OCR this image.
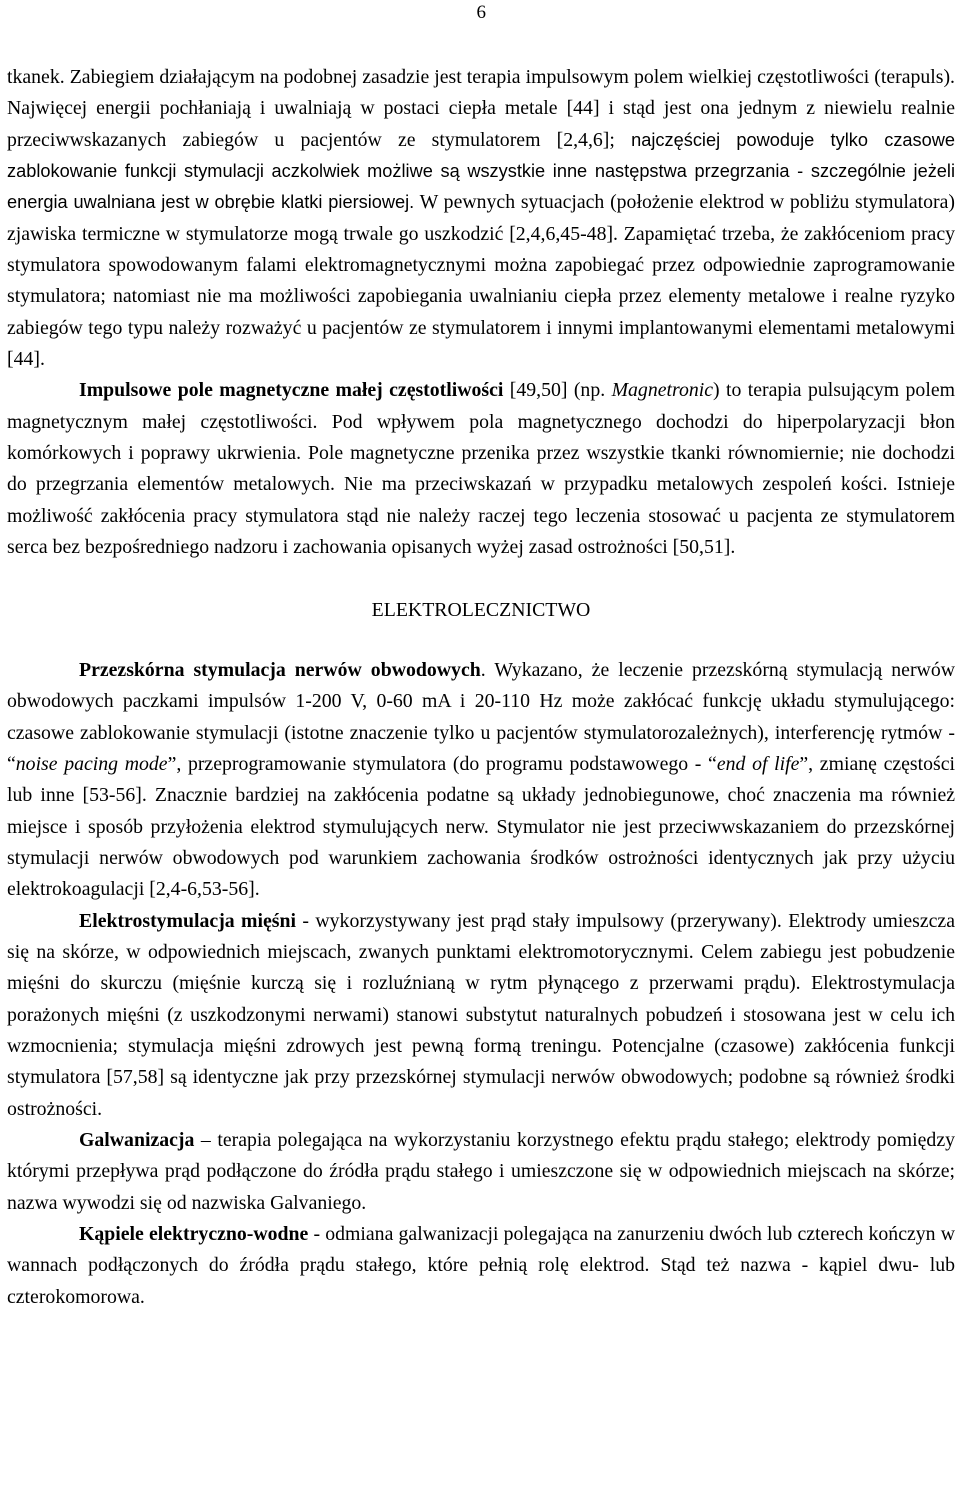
6

tkanek. Zabiegiem działającym na podobnej zasadzie jest terapia impulsowym polem wielkiej częstotliwości (terapuls). Najwięcej energii pochłaniają i uwalniają w postaci ciepła metale [44] i stąd jest ona jednym z niewielu realnie przeciwwskazanych zabiegów u pacjentów ze stymulatorem [2,4,6]; najczęściej powoduje tylko czasowe zablokowanie funkcji stymulacji aczkolwiek możliwe są wszystkie inne następstwa przegrzania - szczególnie jeżeli energia uwalniana jest w obrębie klatki piersiowej. W pewnych sytuacjach (położenie elektrod w pobliżu stymulatora) zjawiska termiczne w stymulatorze mogą trwale go uszkodzić [2,4,6,45-48]. Zapamiętać trzeba, że zakłóceniom pracy stymulatora spowodowanym falami elektromagnetycznymi można zapobiegać przez odpowiednie zaprogramowanie stymulatora; natomiast nie ma możliwości zapobiegania uwalnianiu ciepła przez elementy metalowe i realne ryzyko zabiegów tego typu należy rozważyć u pacjentów ze stymulatorem i innymi implantowanymi elementami metalowymi [44].

Impulsowe pole magnetyczne małej częstotliwości [49,50] (np. Magnetronic) to terapia pulsującym polem magnetycznym małej częstotliwości. Pod wpływem pola magnetycznego dochodzi do hiperpolaryzacji błon komórkowych i poprawy ukrwienia. Pole magnetyczne przenika przez wszystkie tkanki równomiernie; nie dochodzi do przegrzania elementów metalowych. Nie ma przeciwskazań w przypadku metalowych zespoleń kości. Istnieje możliwość zakłócenia pracy stymulatora stąd nie należy raczej tego leczenia stosować u pacjenta ze stymulatorem serca bez bezpośredniego nadzoru i zachowania opisanych wyżej zasad ostrożności [50,51].

ELEKTROLECZNICTWO

Przezskórna stymulacja nerwów obwodowych. Wykazano, że leczenie przezskórną stymulacją nerwów obwodowych paczkami impulsów 1-200 V, 0-60 mA i 20-110 Hz może zakłócać funkcję układu stymulującego: czasowe zablokowanie stymulacji (istotne znaczenie tylko u pacjentów stymulatorozależnych), interferencję rytmów - “noise pacing mode”, przeprogramowanie stymulatora (do programu podstawowego - “end of life”, zmianę częstości lub inne [53-56]. Znacznie bardziej na zakłócenia podatne są układy jednobiegunowe, choć znaczenia ma również miejsce i sposób przyłożenia elektrod stymulujących nerw. Stymulator nie jest przeciwwskazaniem do przezskórnej stymulacji nerwów obwodowych pod warunkiem zachowania środków ostrożności identycznych jak przy użyciu elektrokoagulacji [2,4-6,53-56].

Elektrostymulacja mięśni - wykorzystywany jest prąd stały impulsowy (przerywany). Elektrody umieszcza się na skórze, w odpowiednich miejscach, zwanych punktami elektromotorycznymi. Celem zabiegu jest pobudzenie mięśni do skurczu (mięśnie kurczą się i rozluźnianą w rytm płynącego z przerwami prądu). Elektrostymulacja porażonych mięśni (z uszkodzonymi nerwami) stanowi substytut naturalnych pobudzeń i stosowana jest w celu ich wzmocnienia; stymulacja mięśni zdrowych jest pewną formą treningu. Potencjalne (czasowe) zakłócenia funkcji stymulatora [57,58] są identyczne jak przy przezskórnej stymulacji nerwów obwodowych; podobne są również środki ostrożności.

Galwanizacja – terapia polegająca na wykorzystaniu korzystnego efektu prądu stałego; elektrody pomiędzy którymi przepływa prąd podłączone do źródła prądu stałego i umieszczone się w odpowiednich miejscach na skórze; nazwa wywodzi się od nazwiska Galvaniego.

Kąpiele elektryczno-wodne - odmiana galwanizacji polegająca na zanurzeniu dwóch lub czterech kończyn w wannach podłączonych do źródła prądu stałego, które pełnią rolę elektrod. Stąd też nazwa - kąpiel dwu- lub czterokomorowa.
